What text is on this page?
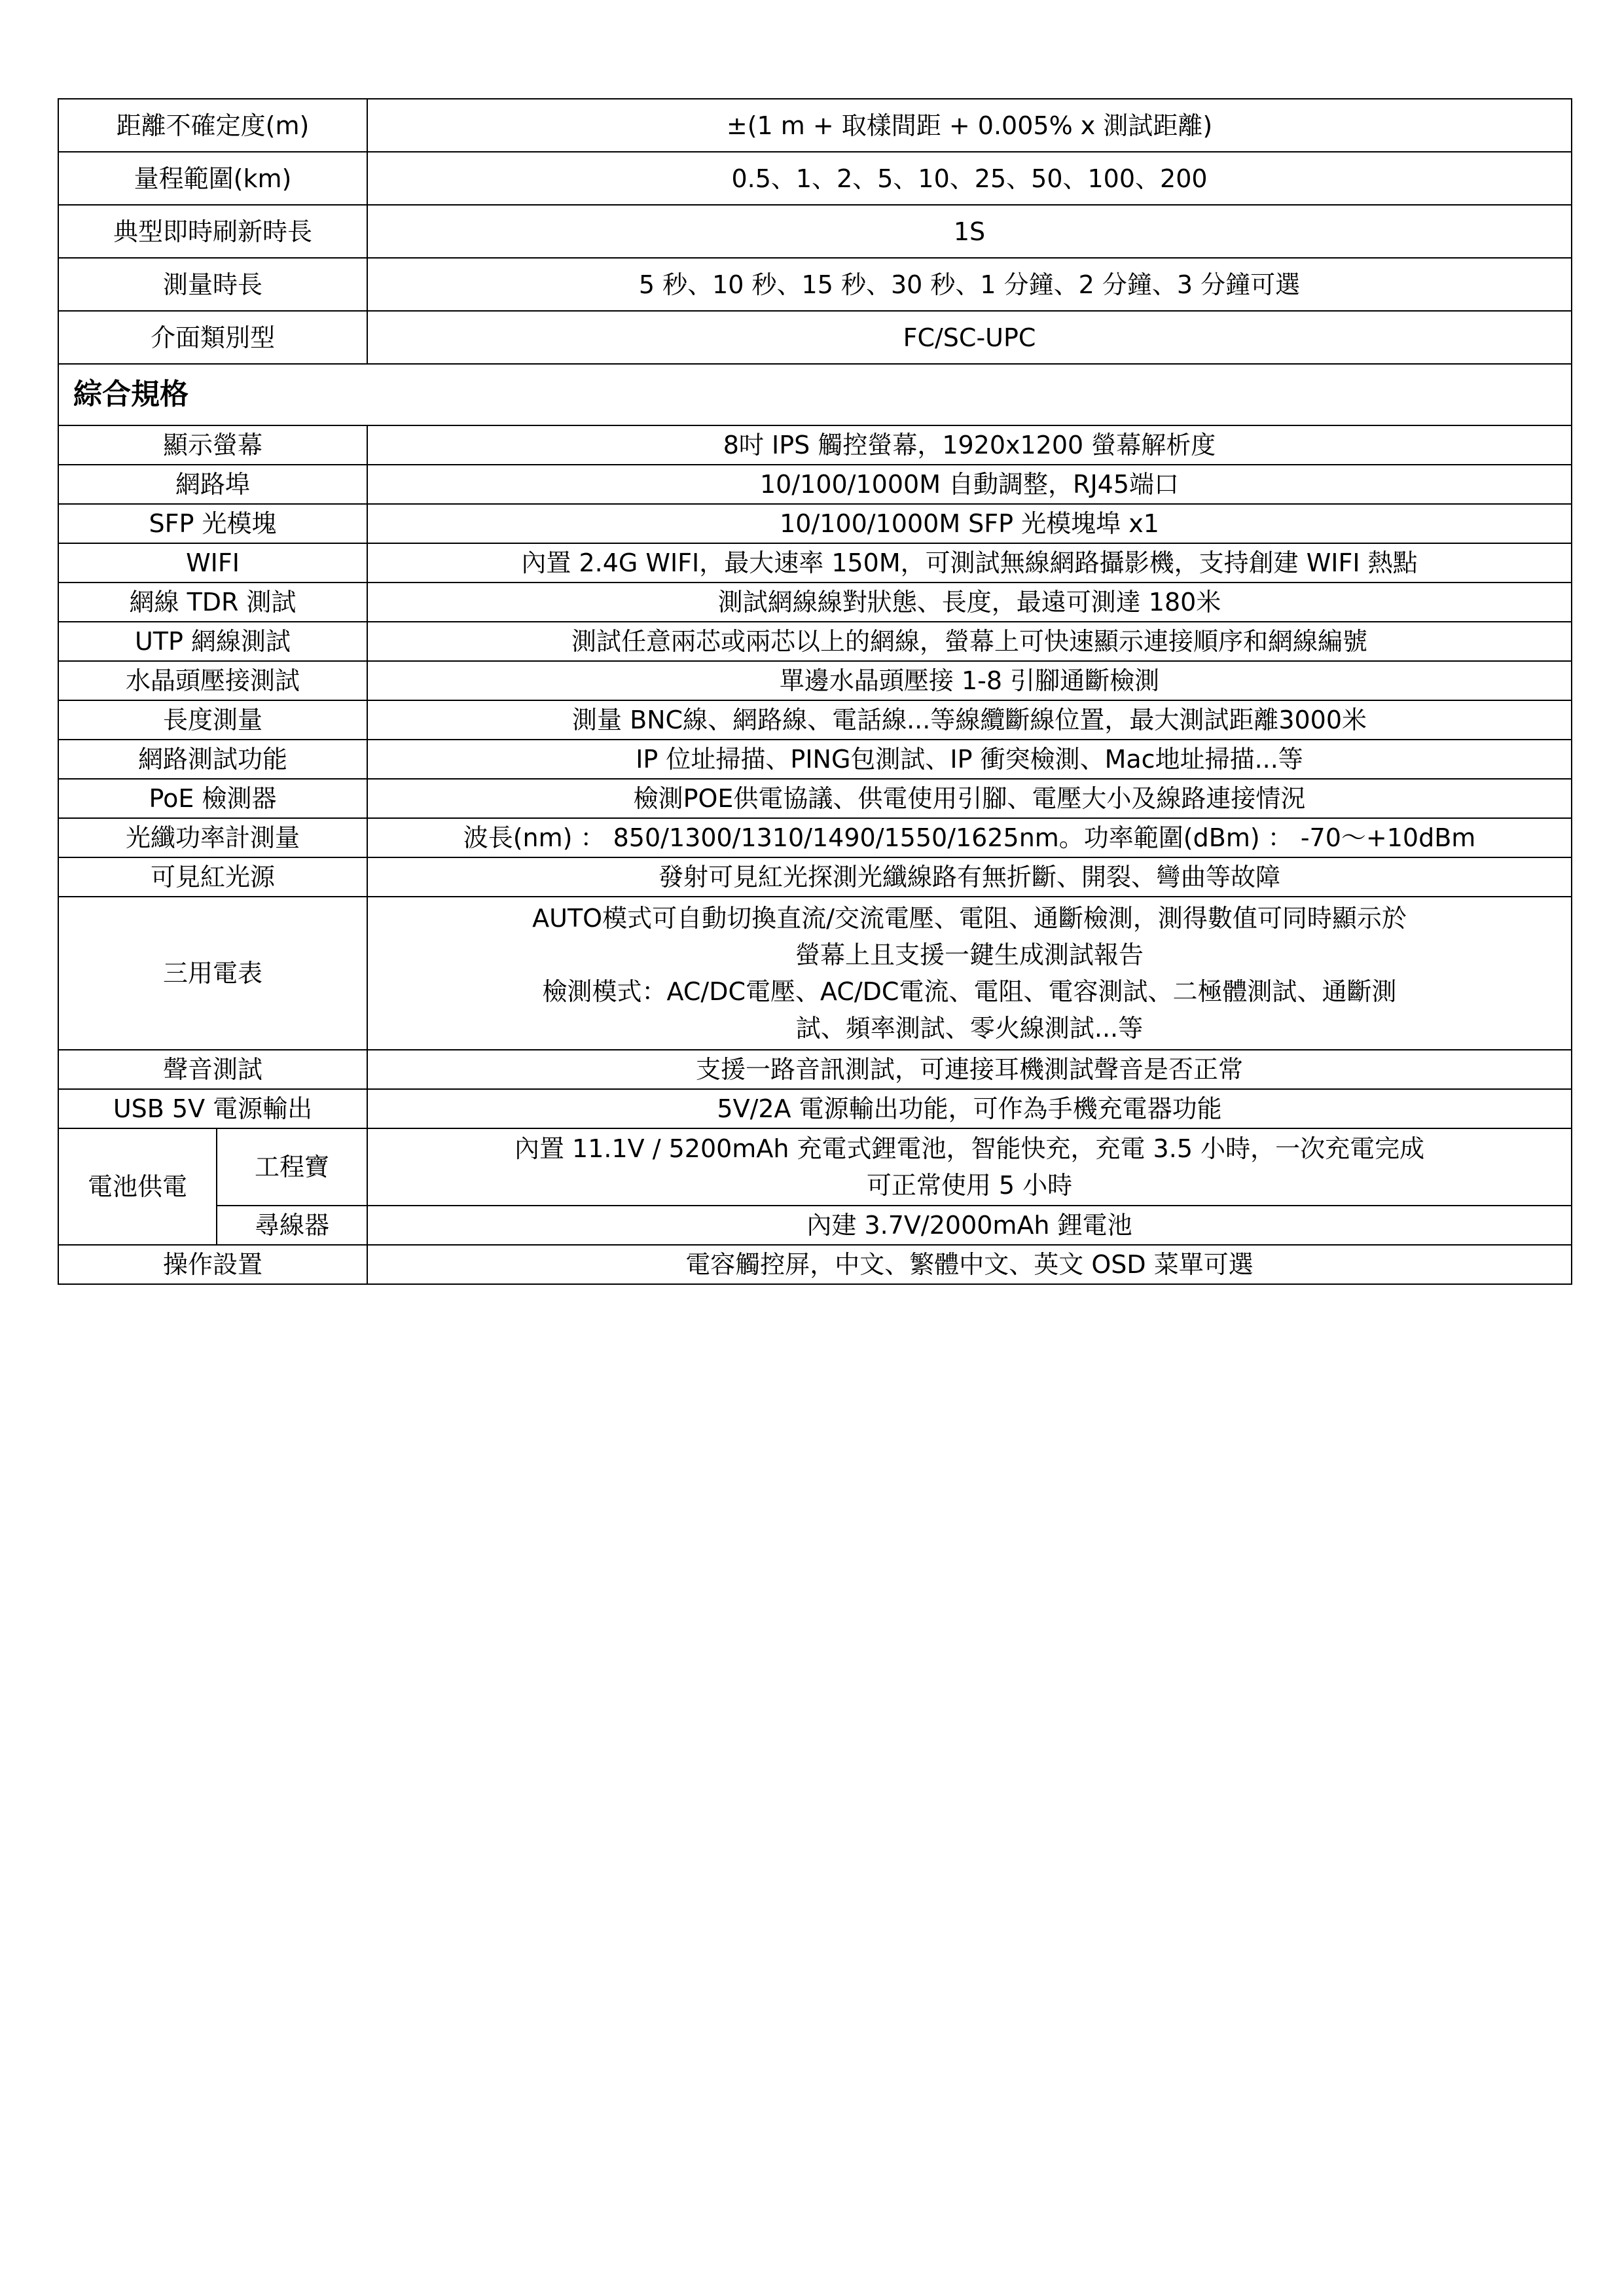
距離不確定度(m)		±(1 m + 取樣間距 + 0.005% x 測試距離)
量程範圍(km)		0.5、1、2、5、10、25、50、100、200
典型即時刷新時長		1S
測量時長		5 秒、10 秒、15 秒、30 秒、1 分鐘、2 分鐘、3 分鐘可選
介面類別型		FC/SC-UPC
綜合規格		
顯示螢幕		8吋 IPS 觸控螢幕，1920x1200 螢幕解析度
網路埠		10/100/1000M 自動調整，RJ45端口
SFP 光模塊		10/100/1000M SFP 光模塊埠 x1
WIFI		內置 2.4G WIFI，最大速率 150M，可測試無線網路攝影機，支持創建 WIFI 熱點
網線 TDR 測試		測試網線線對狀態、長度，最遠可測達 180米
UTP 網線測試		測試任意兩芯或兩芯以上的網線，螢幕上可快速顯示連接順序和網線編號
水晶頭壓接測試		單邊水晶頭壓接 1-8 引腳通斷檢測
長度測量		測量 BNC線、網路線、電話線...等線纜斷線位置，最大測試距離3000米
網路測試功能		IP 位址掃描、PING包測試、IP 衝突檢測、Mac地址掃描...等
PoE 檢測器		檢測POE供電協議、供電使用引腳、電壓大小及線路連接情況
光纖功率計測量		波長(nm) ： 850/1300/1310/1490/1550/1625nm。功率範圍(dBm) ： -70～+10dBm
可見紅光源		發射可見紅光探測光纖線路有無折斷、開裂、彎曲等故障
三用電表		AUTO模式可自動切換直流/交流電壓、電阻、通斷檢測，測得數值可同時顯示於
螢幕上且支援一鍵生成測試報告
檢測模式：AC/DC電壓、AC/DC電流、電阻、電容測試、二極體測試、通斷測
試、頻率測試、零火線測試...等

聲音測試		支援一路音訊測試，可連接耳機測試聲音是否正常
USB 5V 電源輸出		5V/2A 電源輸出功能，可作為手機充電器功能
電池供電	工程寶	內置 11.1V / 5200mAh 充電式鋰電池，智能快充，充電 3.5 小時，一次充電完成
可正常使用 5 小時

	尋線器	內建 3.7V/2000mAh 鋰電池
操作設置		電容觸控屏，中文、繁體中文、英文 OSD 菜單可選
